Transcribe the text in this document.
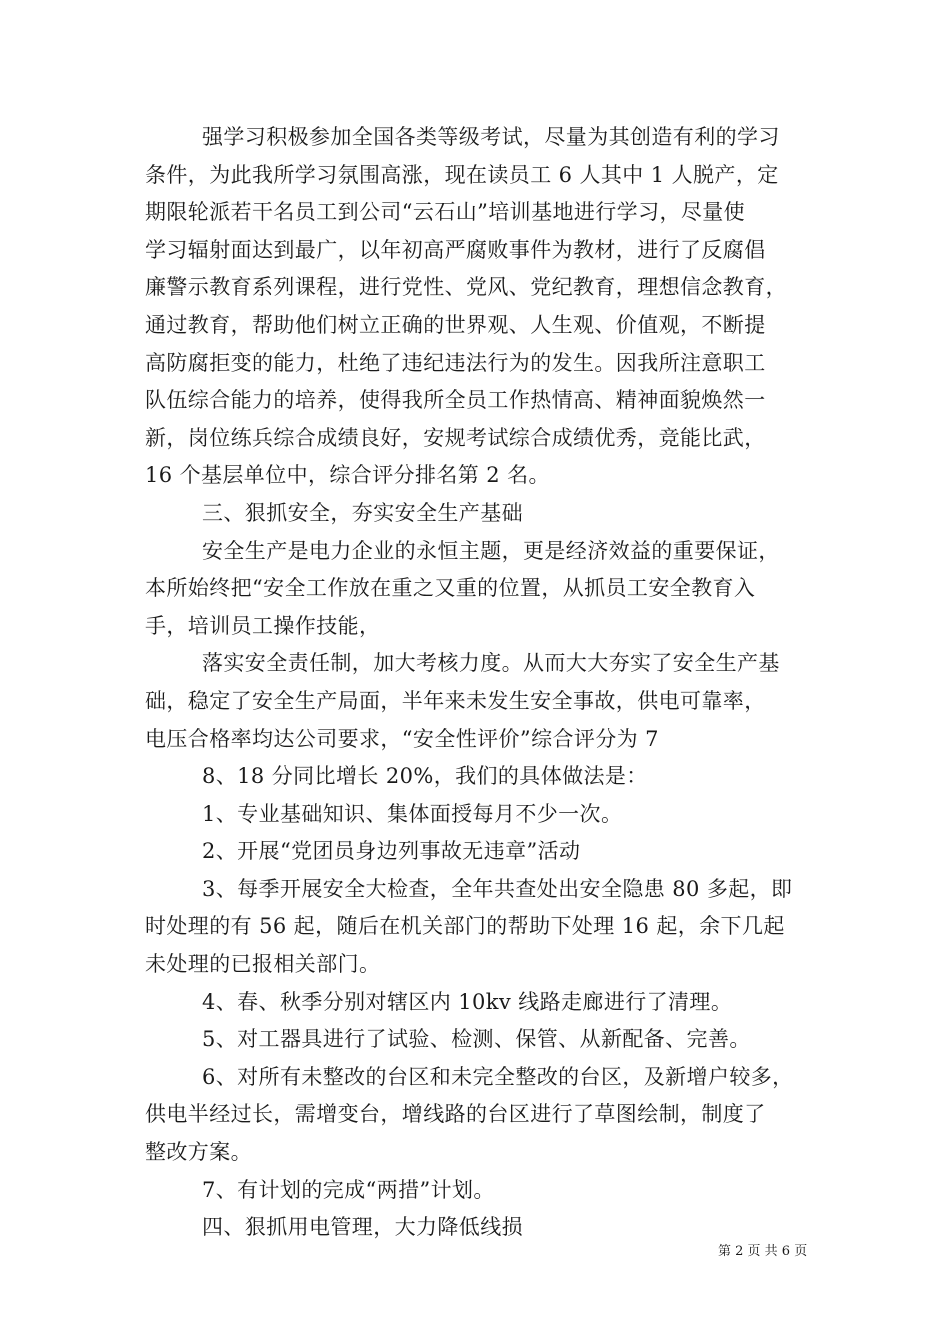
强学习积极参加全国各类等级考试，尽量为其创造有利的学习
条件，为此我所学习氛围高涨，现在读员工 6 人其中 1 人脱产，定
期限轮派若干名员工到公司“云石山”培训基地进行学习，尽量使
学习辐射面达到最广，以年初高严腐败事件为教材，进行了反腐倡
廉警示教育系列课程，进行党性、党风、党纪教育，理想信念教育，
通过教育，帮助他们树立正确的世界观、人生观、价值观，不断提
高防腐拒变的能力，杜绝了违纪违法行为的发生。因我所注意职工
队伍综合能力的培养，使得我所全员工作热情高、精神面貌焕然一
新，岗位练兵综合成绩良好，安规考试综合成绩优秀，竞能比武，
16 个基层单位中，综合评分排名第 2 名。
三、狠抓安全，夯实安全生产基础
安全生产是电力企业的永恒主题，更是经济效益的重要保证，
本所始终把“安全工作放在重之又重的位置，从抓员工安全教育入
手，培训员工操作技能，
落实安全责任制，加大考核力度。从而大大夯实了安全生产基
础，稳定了安全生产局面，半年来未发生安全事故，供电可靠率，
电压合格率均达公司要求，“安全性评价”综合评分为 7
8、18 分同比增长 20%，我们的具体做法是：
1、专业基础知识、集体面授每月不少一次。
2、开展“党团员身边列事故无违章”活动
3、每季开展安全大检查，全年共查处出安全隐患 80 多起，即
时处理的有 56 起，随后在机关部门的帮助下处理 16 起，余下几起
未处理的已报相关部门。
4、春、秋季分别对辖区内 10kv 线路走廊进行了清理。
5、对工器具进行了试验、检测、保管、从新配备、完善。
6、对所有未整改的台区和未完全整改的台区，及新增户较多，
供电半经过长，需增变台，增线路的台区进行了草图绘制，制度了
整改方案。
7、有计划的完成“两措”计划。
四、狠抓用电管理，大力降低线损
第 2 页 共 6 页
